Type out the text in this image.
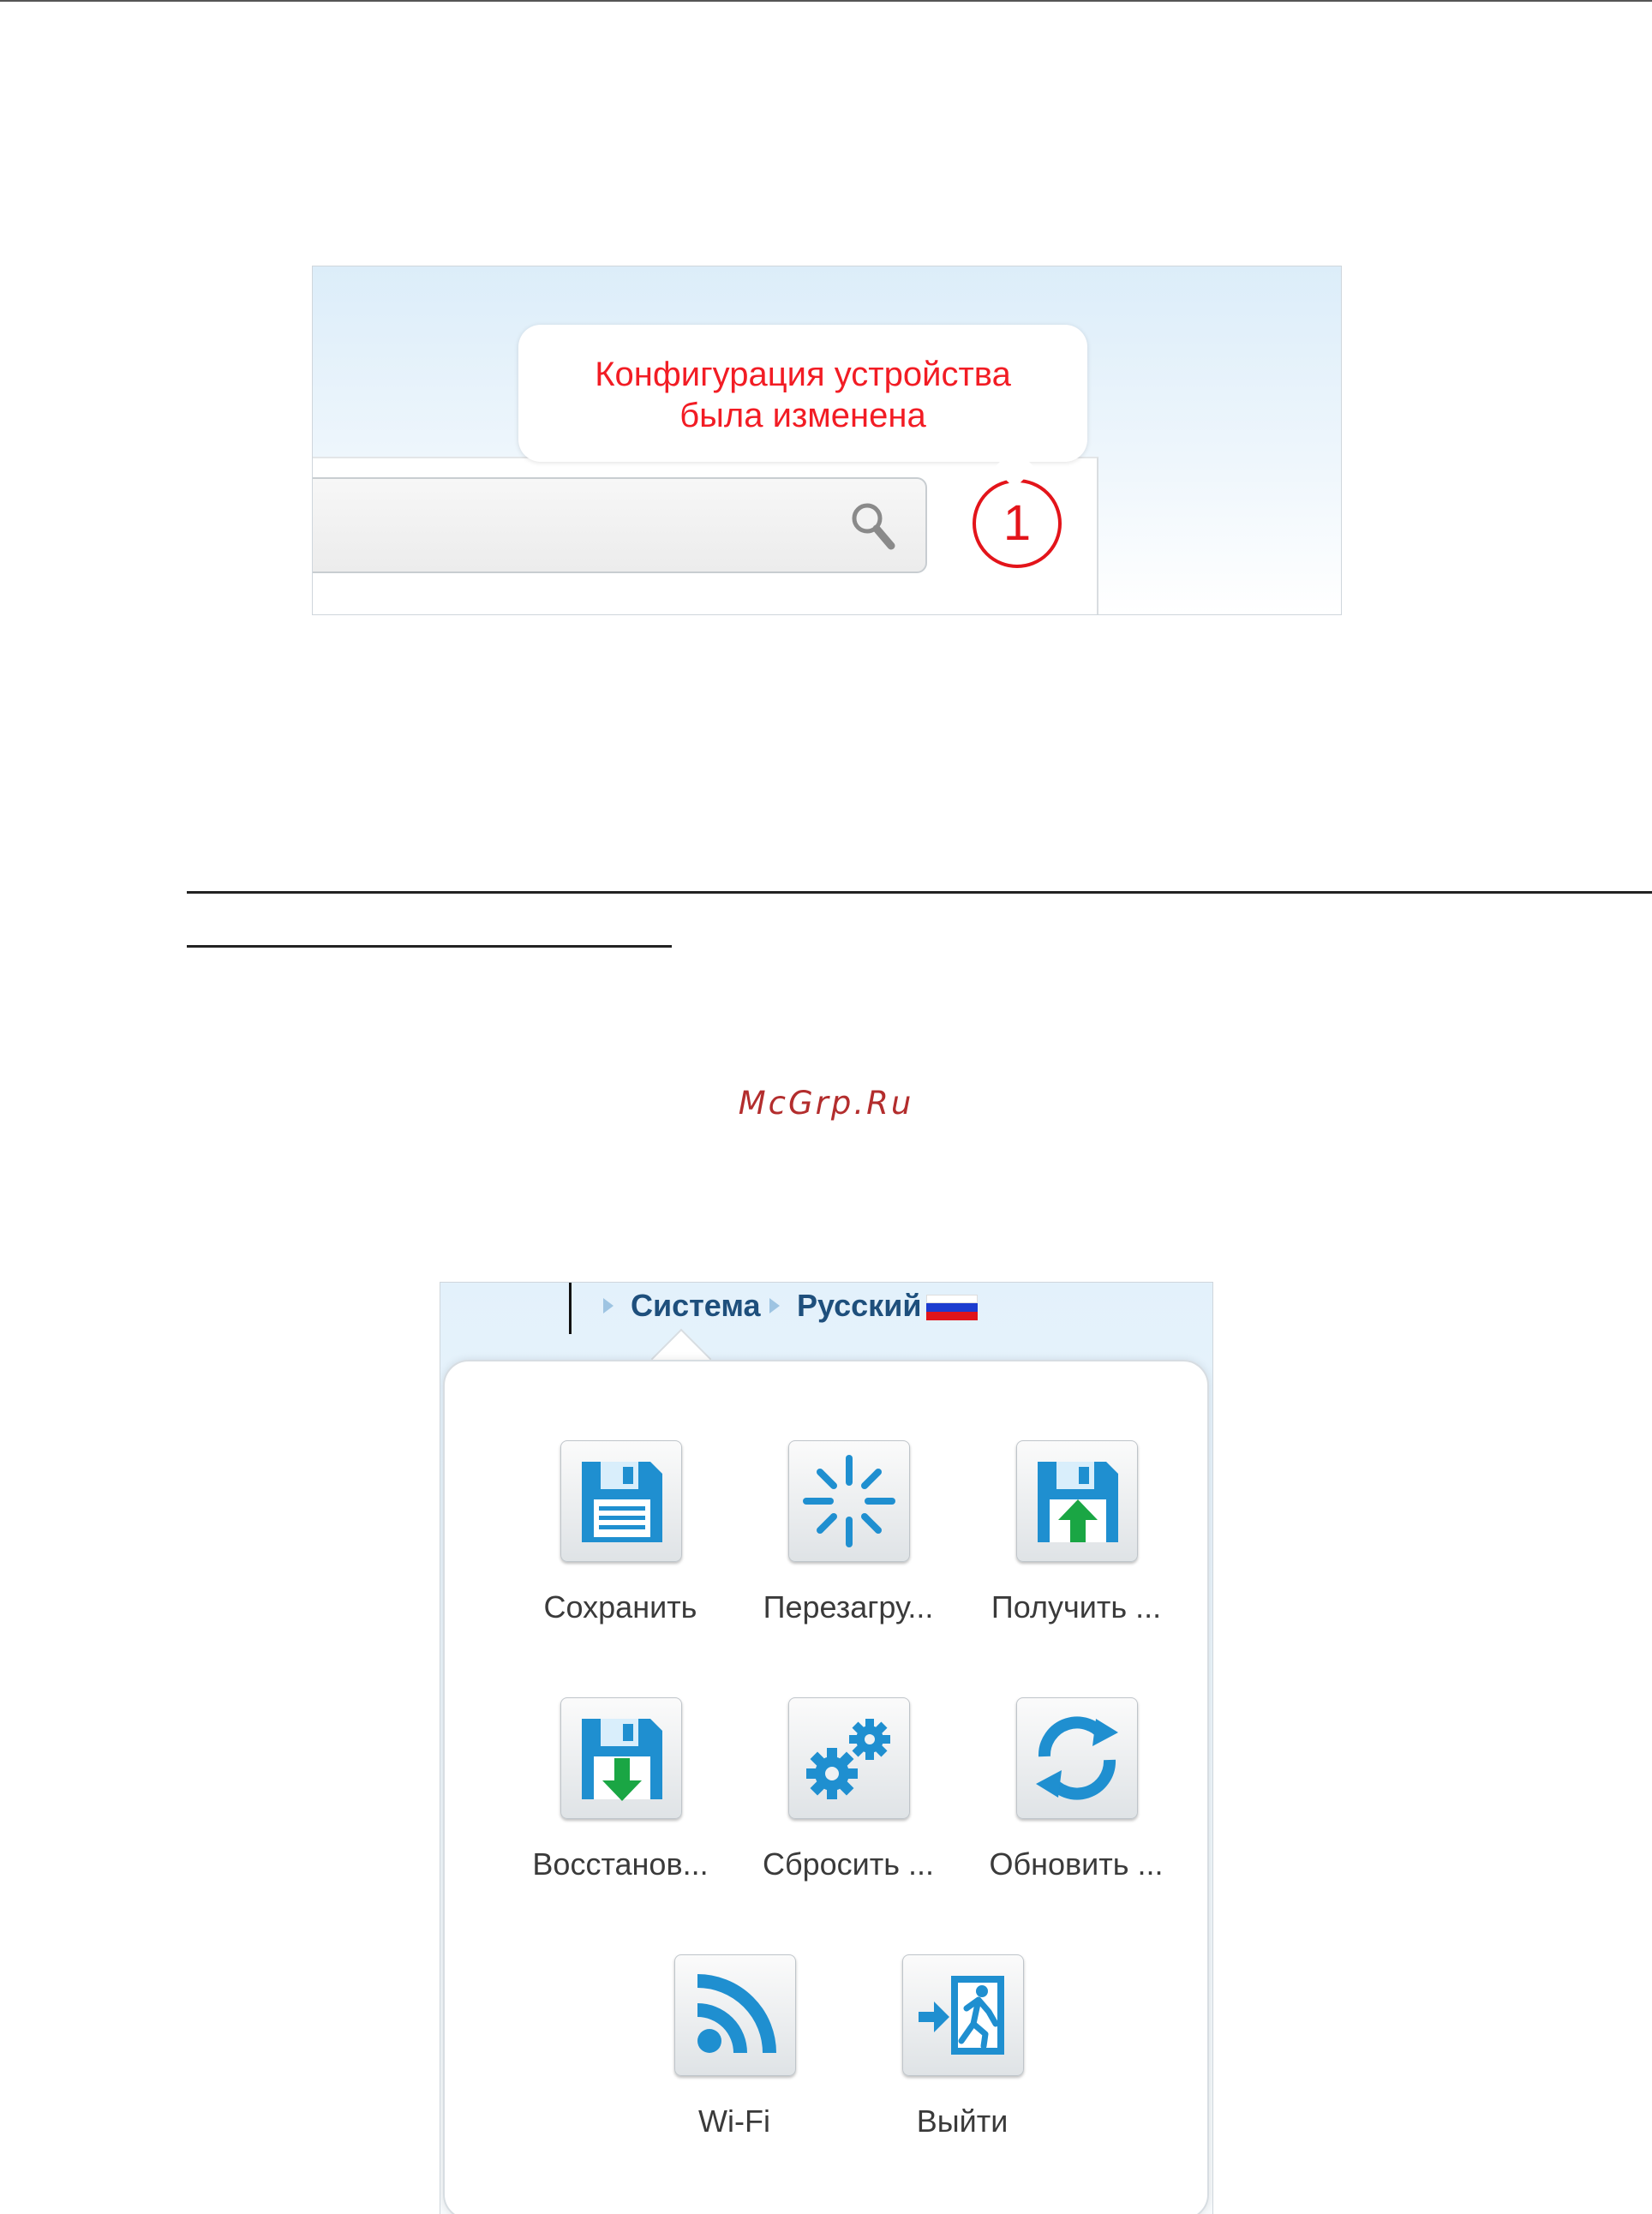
1
Конфигурация устройства
была изменена
McGrp.Ru
Система Русский
Сохранить	Перезагру...	Получить ...
Восстанов...	Сбросить ...	Обновить ...
Wi-Fi	Выйти
